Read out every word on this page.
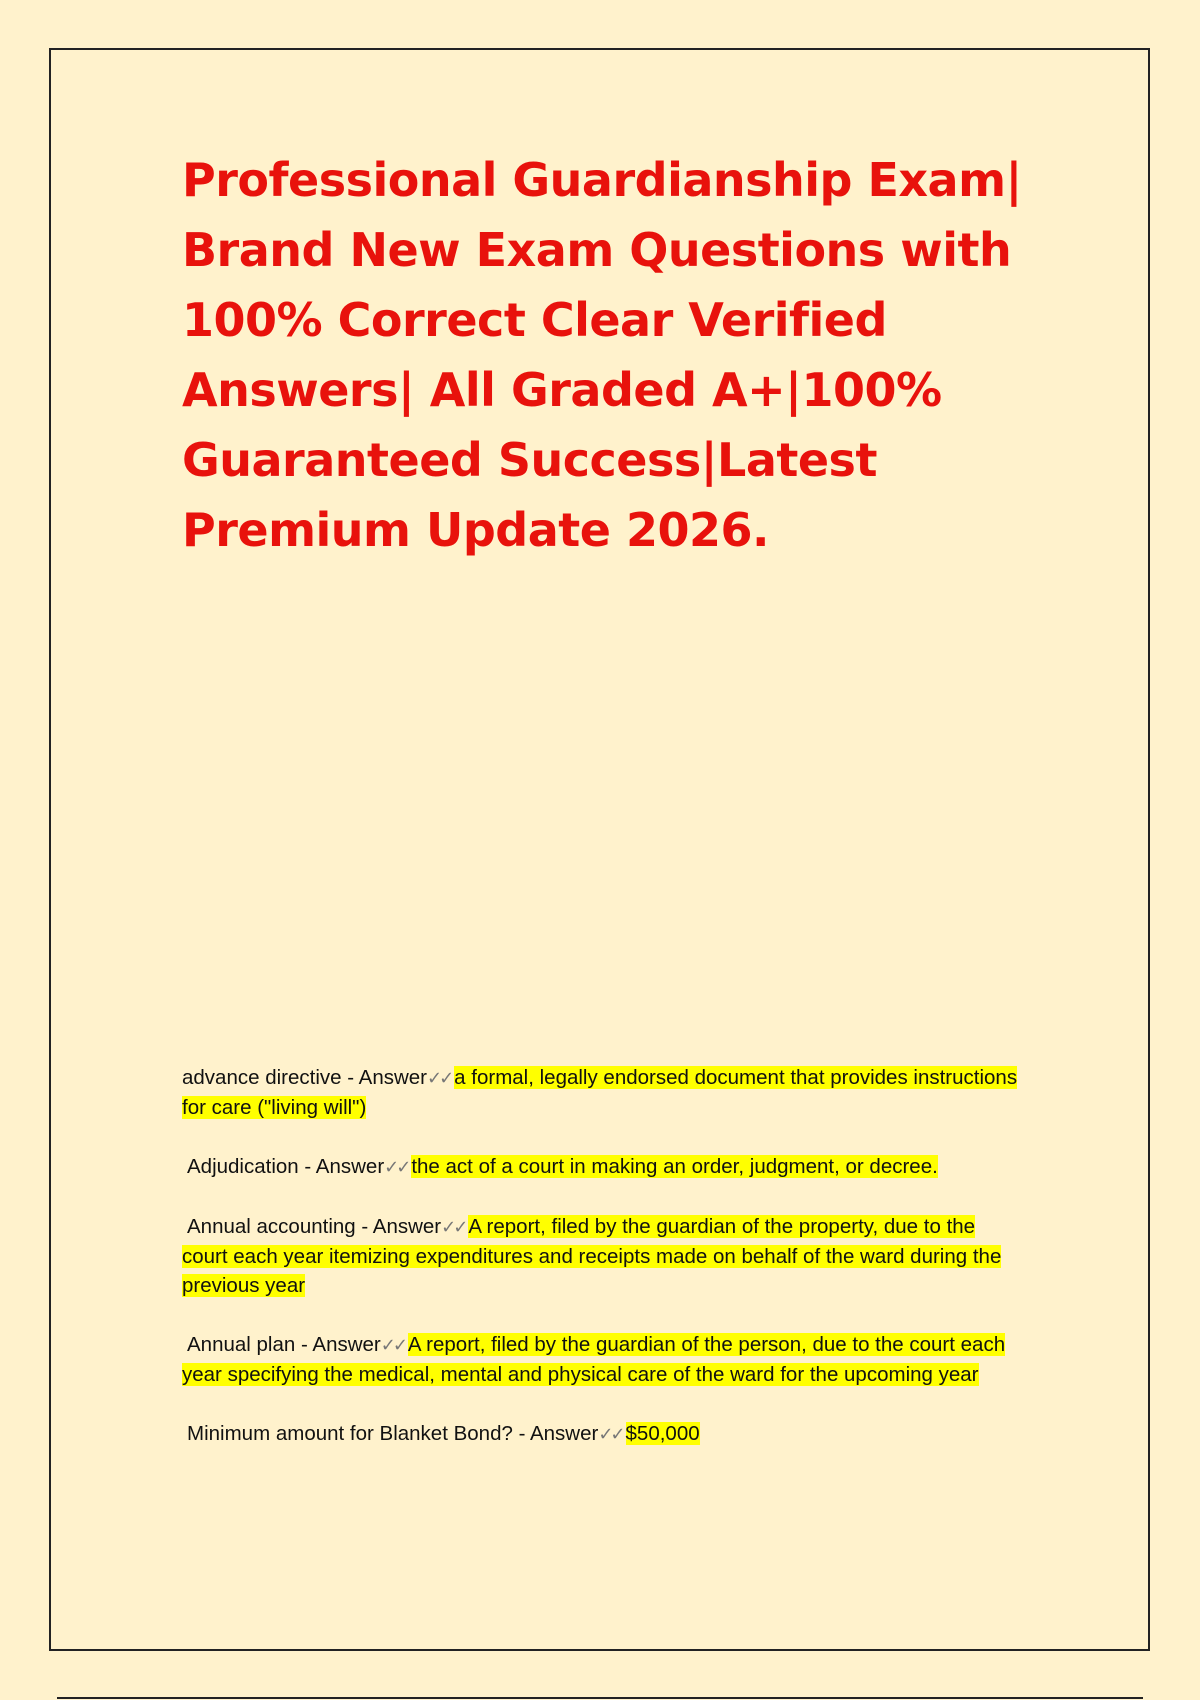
Professional Guardianship Exam| Brand New Exam Questions with 100% Correct Clear Verified Answers| All Graded A+|100% Guaranteed Success|Latest Premium Update 2026.
advance directive - Answer✓✓ a formal, legally endorsed document that provides instructions for care ("living will")
Adjudication - Answer✓✓ the act of a court in making an order, judgment, or decree.
Annual accounting - Answer✓✓ A report, filed by the guardian of the property, due to the court each year itemizing expenditures and receipts made on behalf of the ward during the previous year
Annual plan - Answer✓✓ A report, filed by the guardian of the person, due to the court each year specifying the medical, mental and physical care of the ward for the upcoming year
Minimum amount for Blanket Bond? - Answer✓✓ $50,000
